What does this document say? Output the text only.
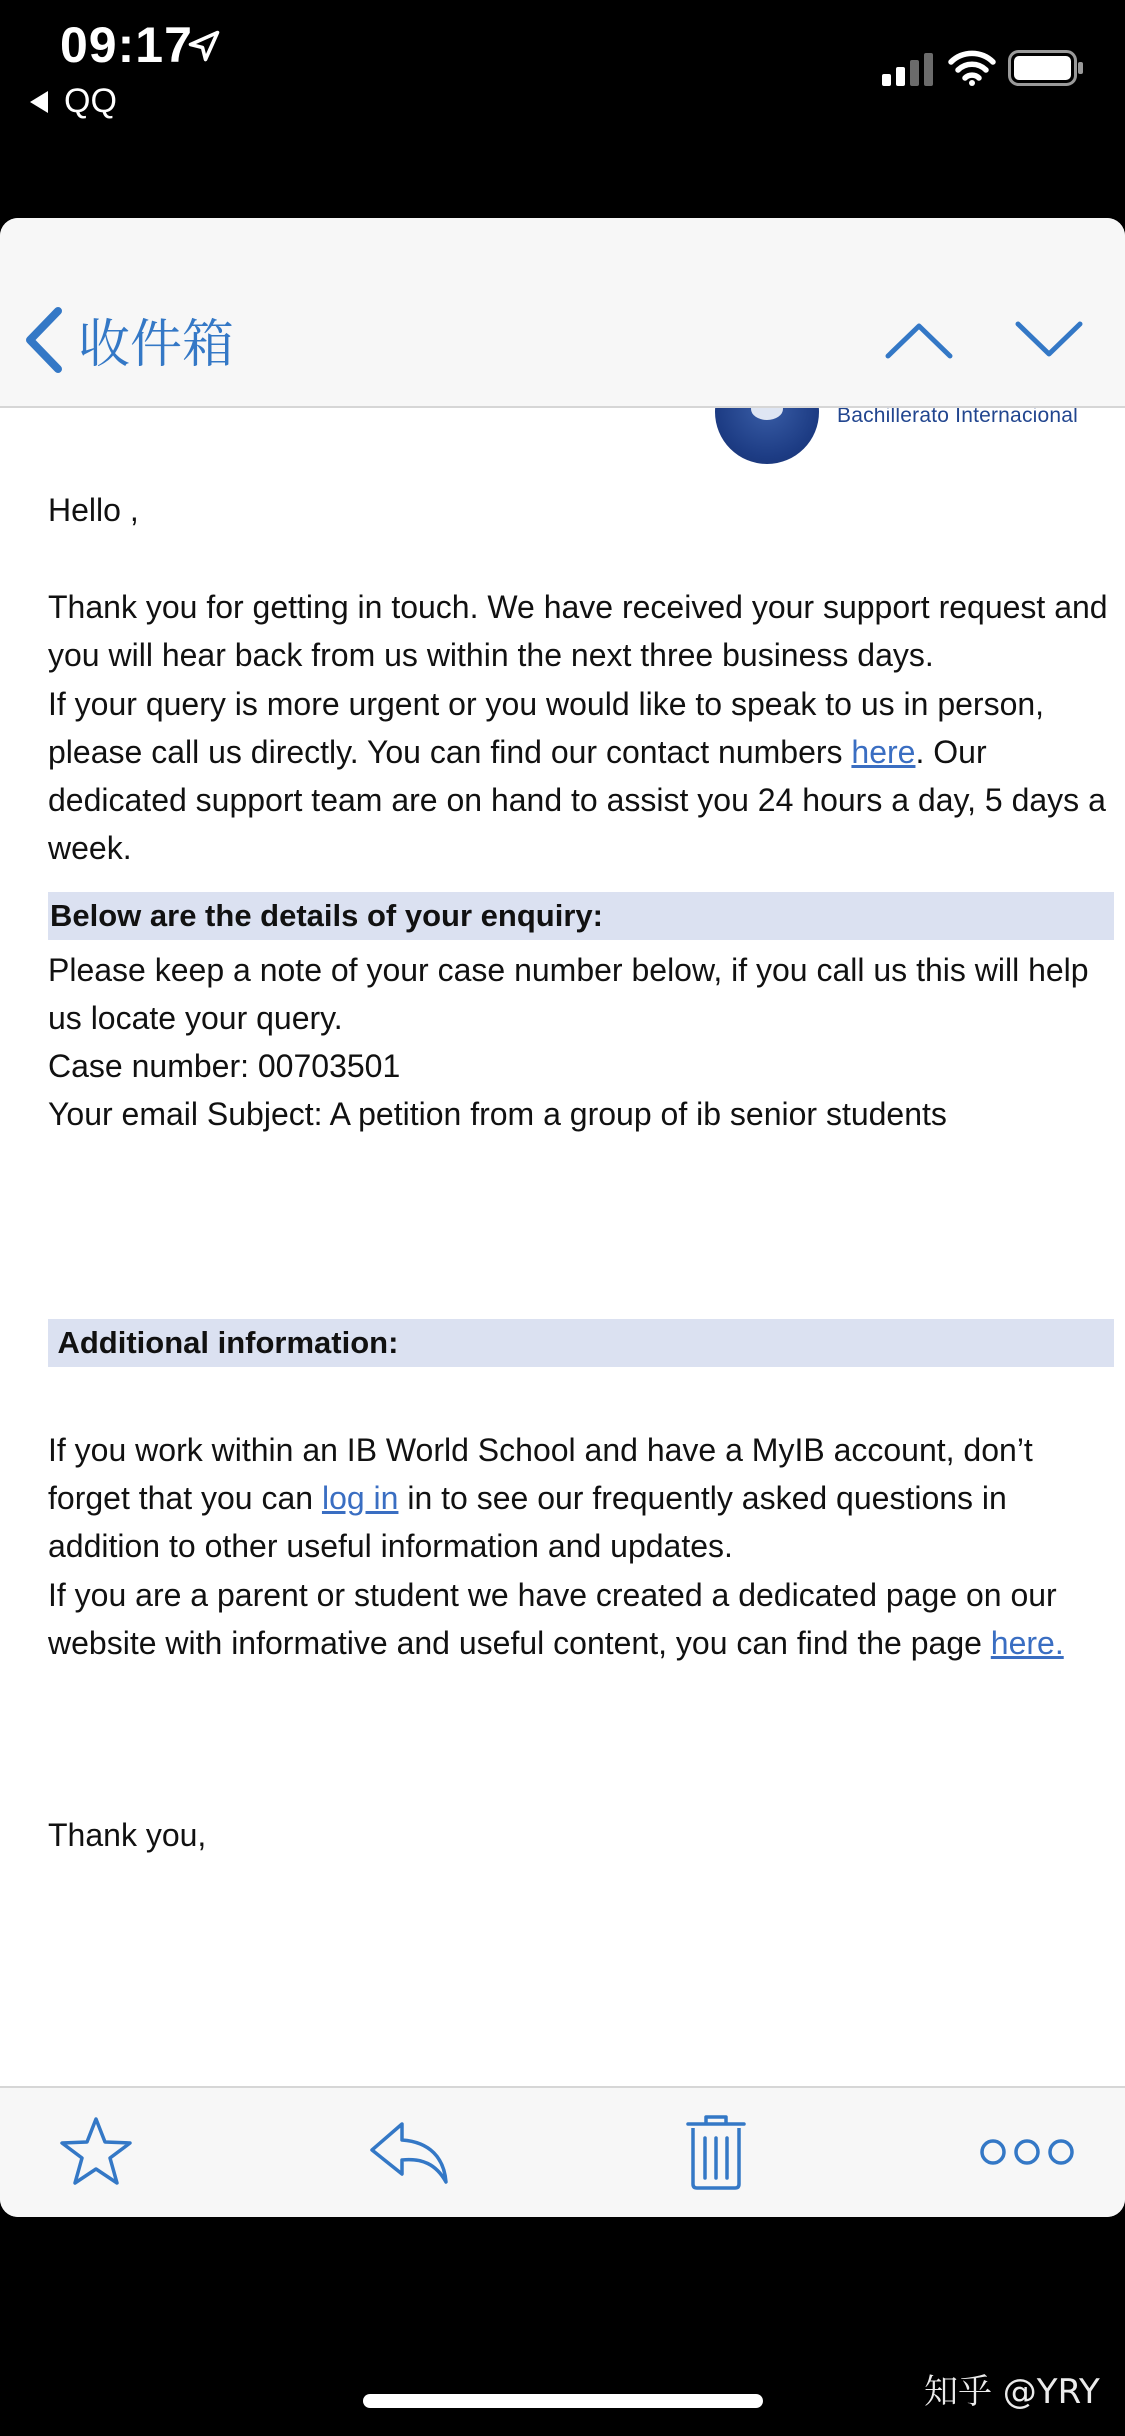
09:17
QQ
收件箱
Bachillerato Internacional
Hello ,
Thank you for getting in touch. We have received your support request and you will hear back from us within the next three business days.
If your query is more urgent or you would like to speak to us in person, please call us directly. You can find our contact numbers here. Our dedicated support team are on hand to assist you 24 hours a day, 5 days a week.
Below are the details of your enquiry:
Please keep a note of your case number below, if you call us this will help us locate your query.
Case number: 00703501
Your email Subject: A petition from a group of ib senior students
Additional information:
If you work within an IB World School and have a MyIB account, don’t forget that you can log in in to see our frequently asked questions in addition to other useful information and updates.
If you are a parent or student we have created a dedicated page on our website with informative and useful content, you can find the page here.
Thank you,
知乎 @YRY
